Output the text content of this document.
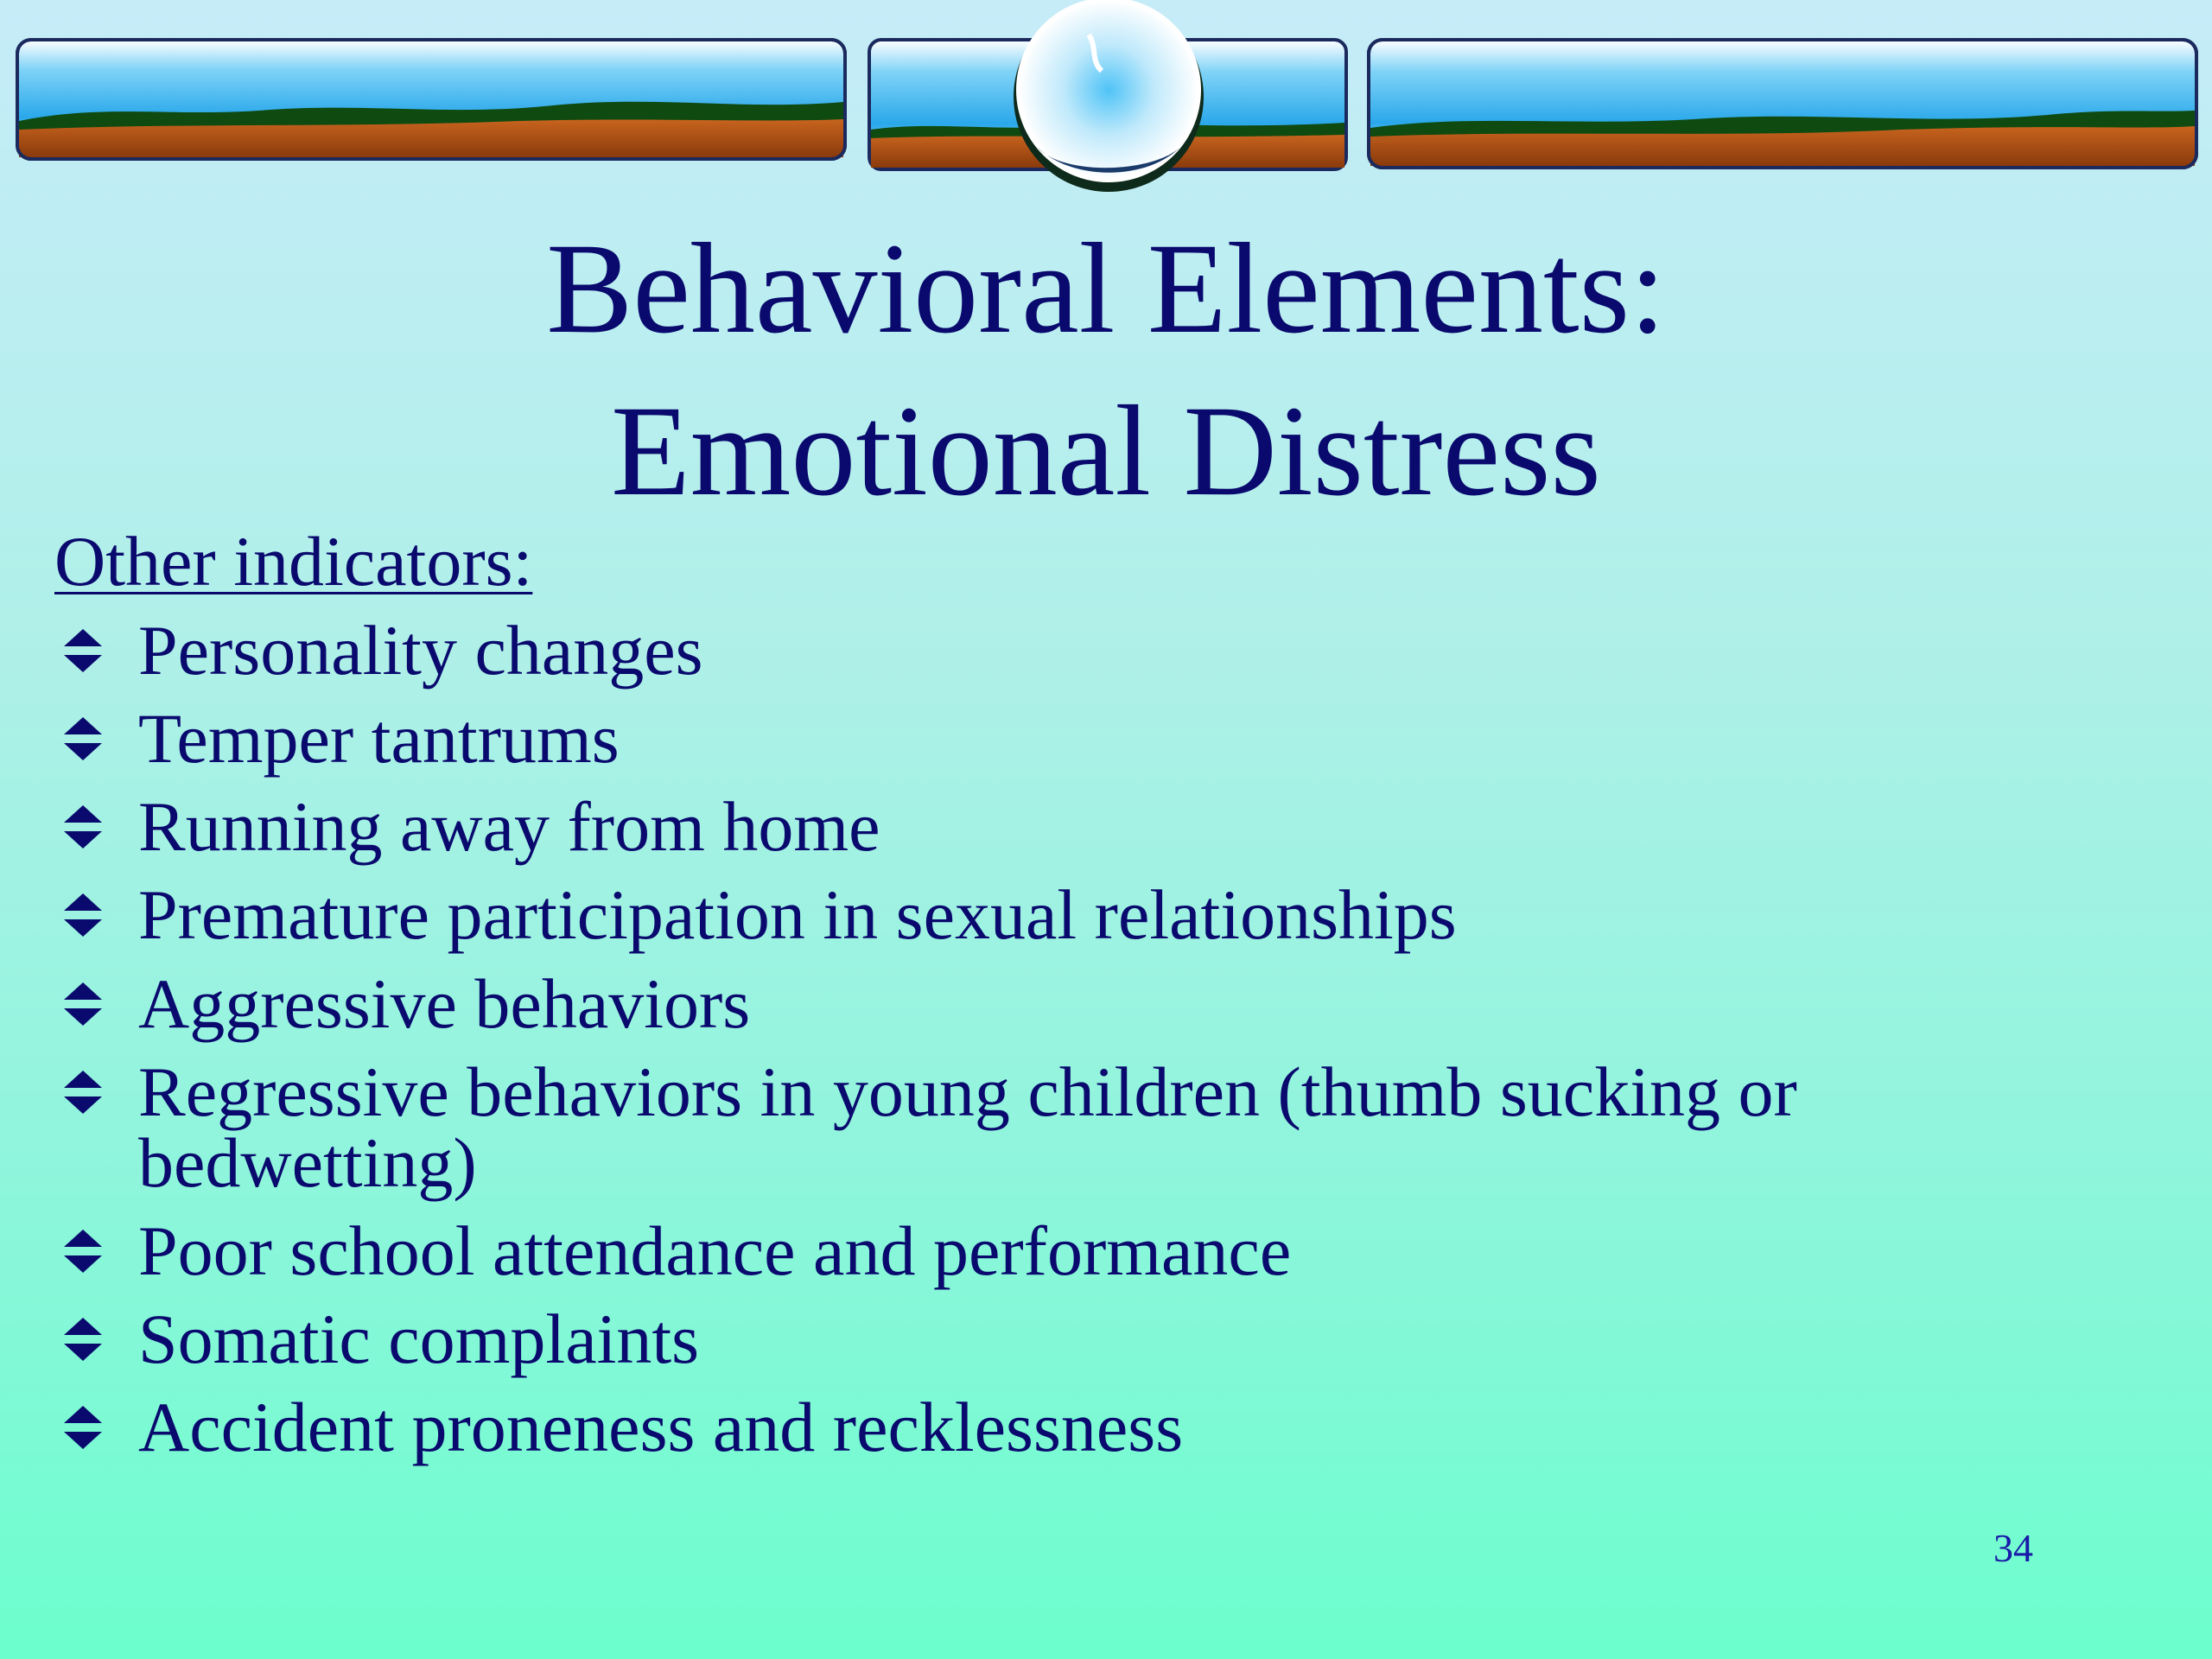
Behavioral Elements:
Emotional Distress
Other indicators:
Personality changes
Temper tantrums
Running away from home
Premature participation in sexual relationships
Aggressive behaviors
Regressive behaviors in young children (thumb sucking or bedwetting)
Poor school attendance and performance
Somatic complaints
Accident proneness and recklessness
34
